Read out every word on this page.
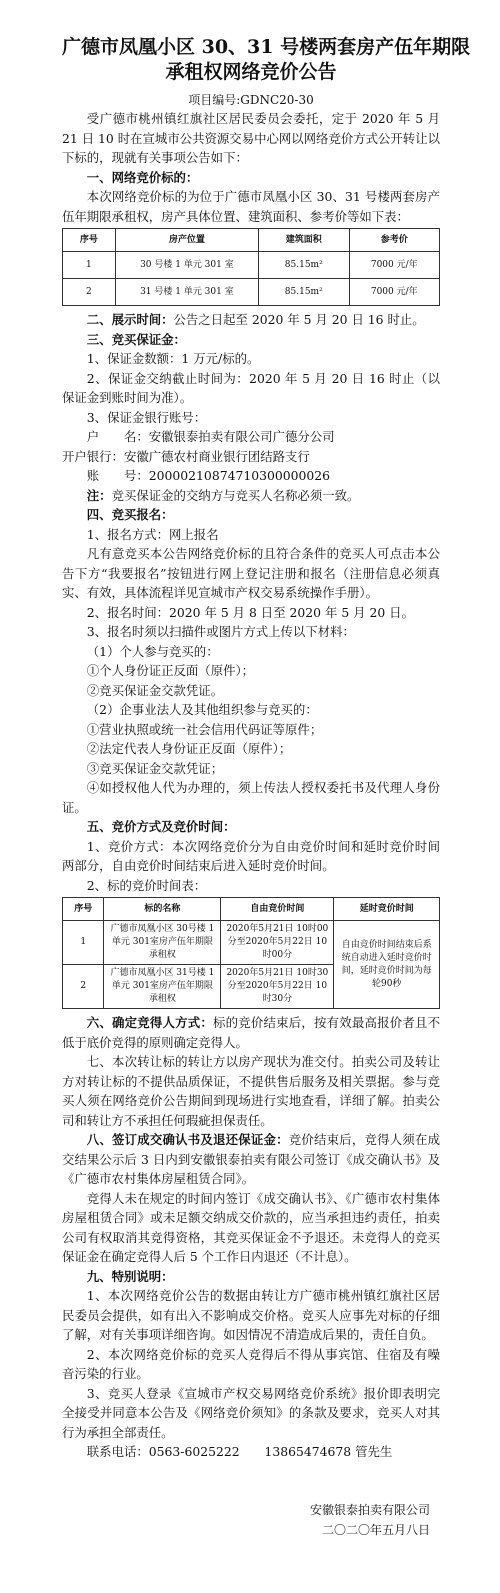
广德市凤凰小区 30、31 号楼两套房产伍年期限
承租权网络竞价公告
项目编号:GDNC20-30

受广德市桃州镇红旗社区居民委员会委托，定于 2020 年 5 月 21 日 10 时在宣城市公共资源交易中心网以网络竞价方式公开转让以下标的，现就有关事项公告如下：

一、网络竞价标的：

本次网络竞价标的为位于广德市凤凰小区 30、31 号楼两套房产伍年期限承租权，房产具体位置、建筑面积、参考价等如下表：

序号	房产位置	建筑面积	参考价
1	30 号楼 1 单元 301 室	85.15m²	7000 元/年
2	31 号楼 1 单元 301 室	85.15m²	7000 元/年

二、展示时间：公告之日起至 2020 年 5 月 20 日 16 时止。

三、竞买保证金：

1、保证金数额：1 万元/标的。

2、保证金交纳截止时间为：2020 年 5 月 20 日 16 时止（以保证金到账时间为准）。

3、保证金银行账号：

户　　名：安徽银泰拍卖有限公司广德分公司

开户银行：安徽广德农村商业银行团结路支行

账　　号：20000210874710300000026

注：竞买保证金的交纳方与竞买人名称必须一致。

四、竞买报名：

1、报名方式：网上报名

凡有意竞买本公告网络竞价标的且符合条件的竞买人可点击本公告下方“我要报名”按钮进行网上登记注册和报名（注册信息必须真实、有效，具体流程详见宣城市产权交易系统操作手册）。

2、报名时间：2020 年 5 月 8 日至 2020 年 5 月 20 日。

3、报名时须以扫描件或图片方式上传以下材料：

（1）个人参与竞买的：

①个人身份证正反面（原件）；

②竞买保证金交款凭证。

（2）企事业法人及其他组织参与竞买的：

①营业执照或统一社会信用代码证等原件；

②法定代表人身份证正反面（原件）；

③竞买保证金交款凭证；

④如授权他人代为办理的，须上传法人授权委托书及代理人身份证。

五、竞价方式及竞价时间：

1、竞价方式：本次网络竞价分为自由竞价时间和延时竞价时间两部分，自由竞价时间结束后进入延时竞价时间。

2、标的竞价时间表：

序号	标的名称	自由竞价时间	延时竞价时间
1	广德市凤凰小区 30号楼 1 单元 301室房产伍年期限承租权	2020年5月21日 10时00分至2020年5月22日 10时00分	自由竞价时间结束后系统自动进入延时竞价时间，延时竞价时间为每轮90秒
2	广德市凤凰小区 31号楼 1 单元 301室房产伍年期限承租权	2020年5月21日 10时30分至2020年5月22日 10时30分	

六、确定竞得人方式：标的竞价结束后，按有效最高报价者且不低于底价竞得的原则确定竞得人。

七、本次转让标的转让方以房产现状为准交付。拍卖公司及转让方对转让标的不提供品质保证，不提供售后服务及相关票据。参与竞买人须在网络竞价公告期间到现场进行实地查看，详细了解。拍卖公司和转让方不承担任何瑕疵担保责任。

八、签订成交确认书及退还保证金：竞价结束后，竞得人须在成交结果公示后 3 日内到安徽银泰拍卖有限公司签订《成交确认书》及《广德市农村集体房屋租赁合同》。

竞得人未在规定的时间内签订《成交确认书》、《广德市农村集体房屋租赁合同》或未足额交纳成交价款的，应当承担违约责任，拍卖公司有权取消其竞得资格，其竞买保证金不予退还。未竞得人的竞买保证金在确定竞得人后 5 个工作日内退还（不计息）。

九、特别说明：

1、本次网络竞价公告的数据由转让方广德市桃州镇红旗社区居民委员会提供，如有出入不影响成交价格。竞买人应事先对标的仔细了解，对有关事项详细咨询。如因情况不清造成后果的，责任自负。

2、本次网络竞价标的竞买人竞得后不得从事宾馆、住宿及有噪音污染的行业。

3、竞买人登录《宣城市产权交易网络竞价系统》报价即表明完全接受并同意本公告及《网络竞价须知》的条款及要求，竞买人对其行为承担全部责任。

联系电话：0563-6025222　　13865474678 管先生

安徽银泰拍卖有限公司
二〇二〇年五月八日
